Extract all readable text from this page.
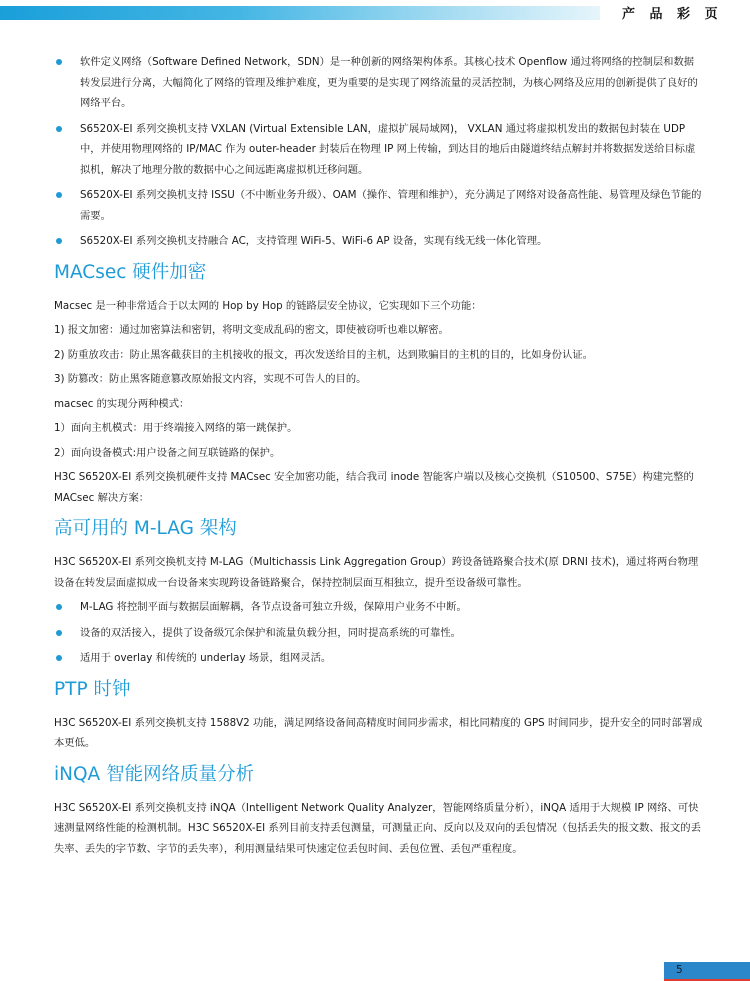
产 品 彩 页
软件定义网络（Software Defined Network，SDN）是一种创新的网络架构体系。其核心技术 Openflow 通过将网络的控制层和数据转发层进行分离，大幅简化了网络的管理及维护难度，更为重要的是实现了网络流量的灵活控制，为核心网络及应用的创新提供了良好的网络平台。
S6520X-EI 系列交换机支持 VXLAN (Virtual Extensible LAN，虚拟扩展局域网)， VXLAN 通过将虚拟机发出的数据包封装在 UDP 中，并使用物理网络的 IP/MAC 作为 outer-header 封装后在物理 IP 网上传输，到达目的地后由隧道终结点解封并将数据发送给目标虚拟机，解决了地理分散的数据中心之间远距离虚拟机迁移问题。
S6520X-EI 系列交换机支持 ISSU（不中断业务升级）、OAM（操作、管理和维护），充分满足了网络对设备高性能、易管理及绿色节能的需要。
S6520X-EI 系列交换机支持融合 AC，支持管理 WiFi-5、WiFi-6 AP 设备，实现有线无线一体化管理。
MACsec 硬件加密

Macsec 是一种非常适合于以太网的 Hop by Hop 的链路层安全协议，它实现如下三个功能：

1) 报文加密：通过加密算法和密钥，将明文变成乱码的密文，即使被窃听也难以解密。

2) 防重放攻击：防止黑客截获目的主机接收的报文，再次发送给目的主机，达到欺骗目的主机的目的，比如身份认证。

3) 防篡改：防止黑客随意篡改原始报文内容，实现不可告人的目的。

macsec 的实现分两种模式：

1）面向主机模式：用于终端接入网络的第一跳保护。

2）面向设备模式:用户设备之间互联链路的保护。

H3C S6520X-EI 系列交换机硬件支持 MACsec 安全加密功能，结合我司 inode 智能客户端以及核心交换机（S10500、S75E）构建完整的 MACsec 解决方案：

高可用的 M-LAG 架构

H3C S6520X-EI 系列交换机支持 M-LAG（Multichassis Link Aggregation Group）跨设备链路聚合技术(原 DRNI 技术)，通过将两台物理设备在转发层面虚拟成一台设备来实现跨设备链路聚合，保持控制层面互相独立，提升至设备级可靠性。

M-LAG 将控制平面与数据层面解耦，各节点设备可独立升级，保障用户业务不中断。
设备的双活接入，提供了设备级冗余保护和流量负载分担，同时提高系统的可靠性。
适用于 overlay 和传统的 underlay 场景，组网灵活。
PTP 时钟

H3C S6520X-EI 系列交换机支持 1588V2 功能，满足网络设备间高精度时间同步需求，相比同精度的 GPS 时间同步，提升安全的同时部署成本更低。

iNQA 智能网络质量分析

H3C S6520X-EI 系列交换机支持 iNQA（Intelligent Network Quality Analyzer，智能网络质量分析），iNQA 适用于大规模 IP 网络、可快速测量网络性能的检测机制。H3C S6520X-EI 系列目前支持丢包测量，可测量正向、反向以及双向的丢包情况（包括丢失的报文数、报文的丢失率、丢失的字节数、字节的丢失率），利用测量结果可快速定位丢包时间、丢包位置、丢包严重程度。

5
